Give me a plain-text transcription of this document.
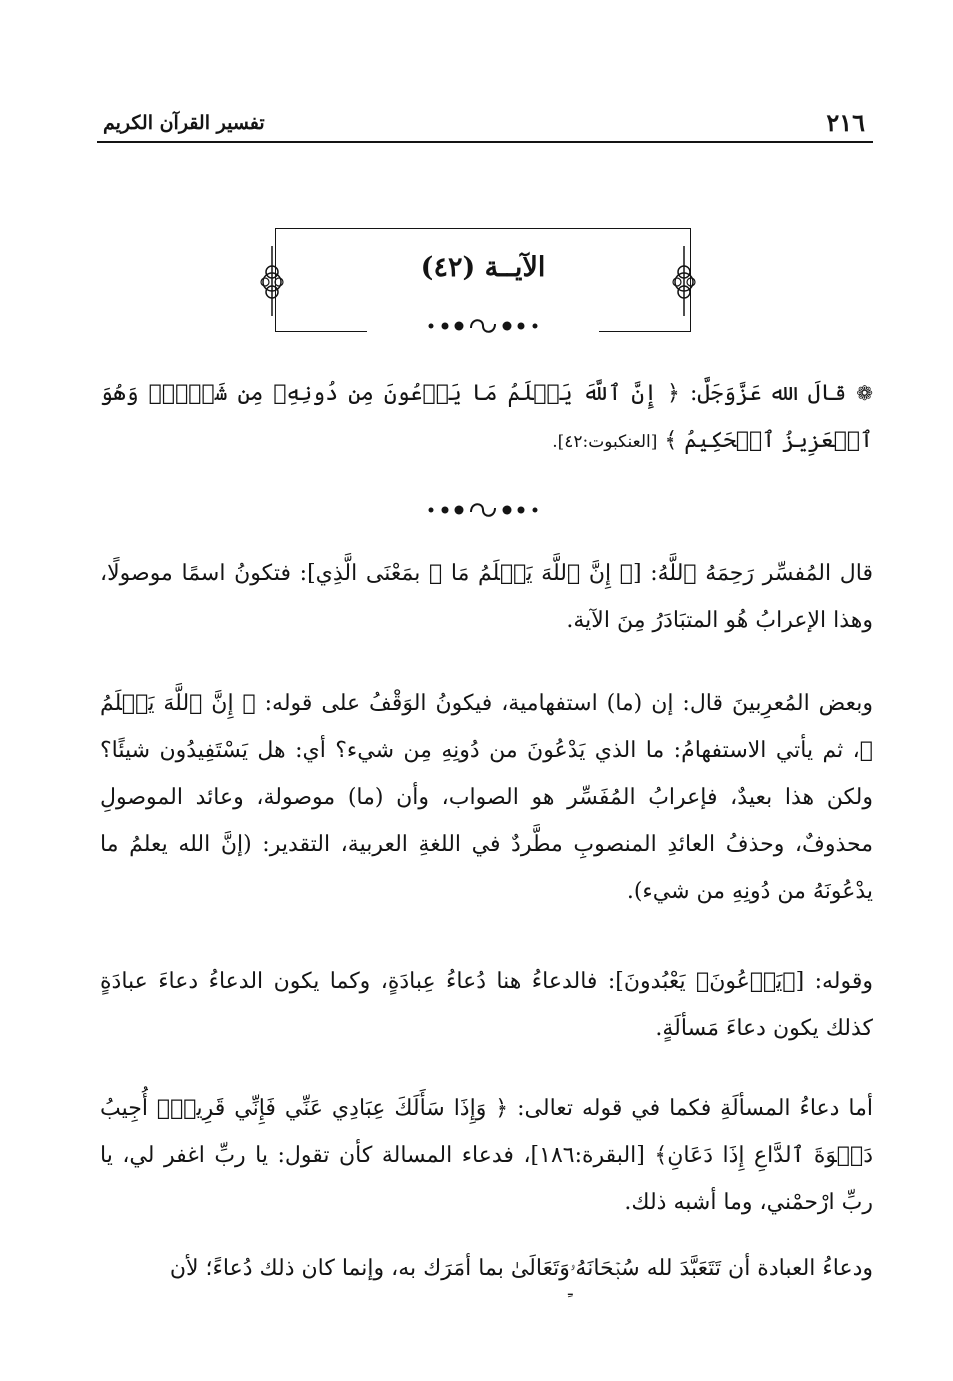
٢١٦
تفسير القرآن الكريم
الآيــة (٤٢)
❁ قالَ الله عَزَّوَجَلَّ: ﴿ إِنَّ ٱللَّهَ يَعۡلَمُ مَا يَدۡعُونَ مِن دُونِهِۦ مِن شَيۡءٖۚ وَهُوَ ٱلۡعَزِيزُ ٱلۡحَكِيمُ ﴾ [العنكبوت:٤٢].

قال المُفسِّر رَحِمَهُ ٱللَّهُ: [﴿ إِنَّ ٱللَّهَ يَعۡلَمُ مَا ﴾ بمَعْنَى الَّذِي]: فتكونُ اسمًا موصولًا، وهذا الإعرابُ هُو المتبَادَرُ مِنَ الآية.

وبعض المُعرِبينَ قال: إن (ما) استفهامية، فيكونُ الوَقْفُ على قوله: ﴿ إِنَّ ٱللَّهَ يَعۡلَمُ ﴾، ثم يأتي الاستفهامُ: ما الذي يَدْعُونَ من دُونِهِ مِن شيء؟ أي: هل يَسْتَفِيدُون شيئًا؟ ولكن هذا بعيدٌ، فإعرابُ المُفَسِّر هو الصواب، وأن (ما) موصولة، وعائد الموصولِ محذوفٌ، وحذفُ العائدِ المنصوبِ مطَّردٌ في اللغةِ العربية، التقدير: (إنَّ الله يعلمُ ما يدْعُونَهُ من دُونِهِ من شيء).

وقوله: [﴿يَدۡعُونَ﴾ يَعْبُدونَ]: فالدعاءُ هنا دُعاءُ عِبادَةٍ، وكما يكون الدعاءُ دعاءَ عبادَةٍ كذلك يكون دعاءَ مَسألَةٍ.

أما دعاءُ المسألَةِ فكما في قوله تعالى: ﴿ وَإِذَا سَأَلَكَ عِبَادِي عَنِّي فَإِنِّي قَرِيبٌۖ أُجِيبُ دَعۡوَةَ ٱلدَّاعِ إِذَا دَعَانِ﴾ [البقرة:١٨٦]، فدعاء المسالة كأن تقول: يا ربِّ اغفر لي، يا ربِّ ارْحمْني، وما أشبه ذلك.

ودعاءُ العبادة أن تَتَعَبَّدَ لله سُبۡحَانَهُۥوَتَعَالَىٰ بما أمَرَك به، وإنما كان ذلك دُعاءً؛ لأن

ـِ
